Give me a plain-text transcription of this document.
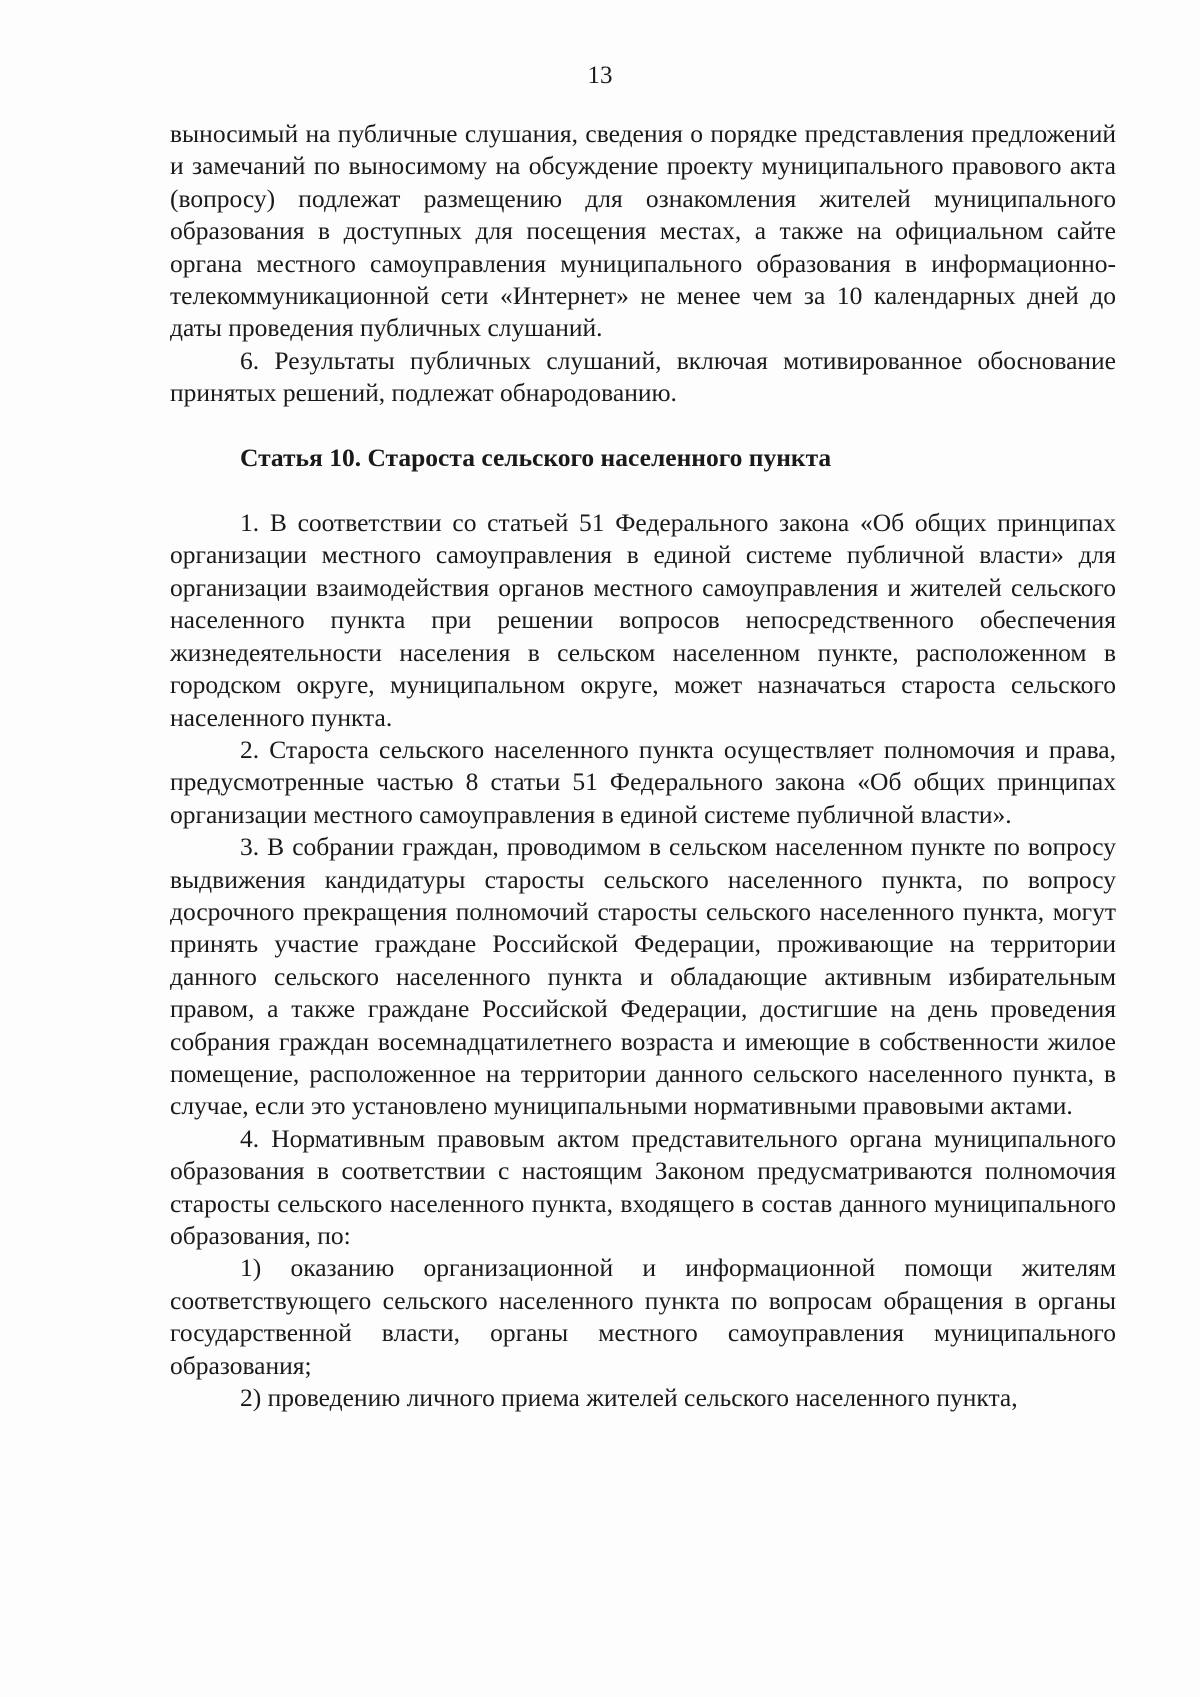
13

выносимый на публичные слушания, сведения о порядке представления предложений и замечаний по выносимому на обсуждение проекту муниципального правового акта (вопросу) подлежат размещению для ознакомления жителей муниципального образования в доступных для посещения местах, а также на официальном сайте органа местного самоуправления муниципального образования в информационно-телекоммуникационной сети «Интернет» не менее чем за 10 календарных дней до даты проведения публичных слушаний.

6. Результаты публичных слушаний, включая мотивированное обоснование принятых решений, подлежат обнародованию.

Статья 10. Староста сельского населенного пункта

1. В соответствии со статьей 51 Федерального закона «Об общих принципах организации местного самоуправления в единой системе публичной власти» для организации взаимодействия органов местного самоуправления и жителей сельского населенного пункта при решении вопросов непосредственного обеспечения жизнедеятельности населения в сельском населенном пункте, расположенном в городском округе, муниципальном округе, может назначаться староста сельского населенного пункта.

2. Староста сельского населенного пункта осуществляет полномочия и права, предусмотренные частью 8 статьи 51 Федерального закона «Об общих принципах организации местного самоуправления в единой системе публичной власти».

3. В собрании граждан, проводимом в сельском населенном пункте по вопросу выдвижения кандидатуры старосты сельского населенного пункта, по вопросу досрочного прекращения полномочий старосты сельского населенного пункта, могут принять участие граждане Российской Федерации, проживающие на территории данного сельского населенного пункта и обладающие активным избирательным правом, а также граждане Российской Федерации, достигшие на день проведения собрания граждан восемнадцатилетнего возраста и имеющие в собственности жилое помещение, расположенное на территории данного сельского населенного пункта, в случае, если это установлено муниципальными нормативными правовыми актами.

4. Нормативным правовым актом представительного органа муниципального образования в соответствии с настоящим Законом предусматриваются полномочия старосты сельского населенного пункта, входящего в состав данного муниципального образования, по:

1) оказанию организационной и информационной помощи жителям соответствующего сельского населенного пункта по вопросам обращения в органы государственной власти, органы местного самоуправления муниципального образования;

2) проведению личного приема жителей сельского населенного пункта,
